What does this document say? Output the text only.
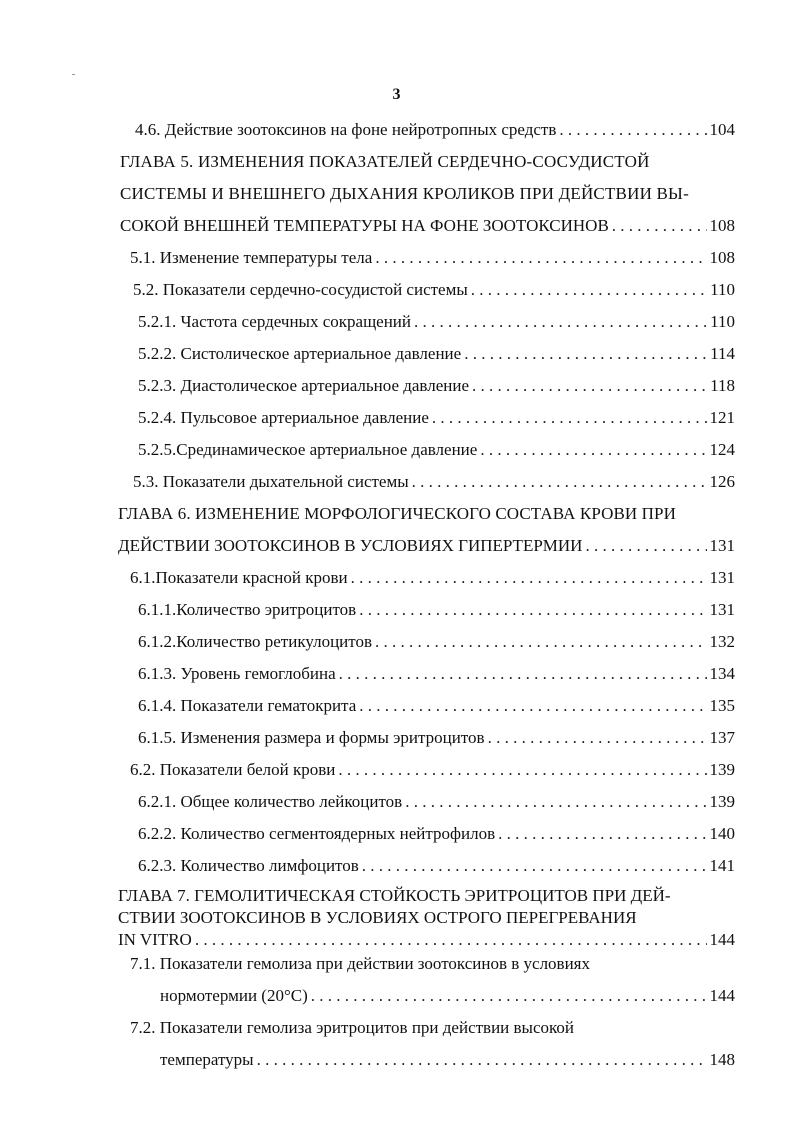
3
4.6. Действие зоотоксинов на фоне нейротропных средств . . .	104
ГЛАВА 5. ИЗМЕНЕНИЯ ПОКАЗАТЕЛЕЙ СЕРДЕЧНО-СОСУДИСТОЙ
СИСТЕМЫ И ВНЕШНЕГО ДЫХАНИЯ КРОЛИКОВ ПРИ ДЕЙСТВИИ ВЫ-
СОКОЙ ВНЕШНЕЙ ТЕМПЕРАТУРЫ НА ФОНЕ ЗООТОКСИНОВ . . .	108
5.1. Изменение температуры тела . . .	108
5.2. Показатели сердечно-сосудистой системы . . .	110
5.2.1. Частота сердечных сокращений . . .	110
5.2.2. Систолическое артериальное давление . . .	114
5.2.3. Диастолическое артериальное давление . . .	118
5.2.4. Пульсовое артериальное давление . . .	121
5.2.5.Срединамическое артериальное давление . . .	124
5.3. Показатели дыхательной системы . . .	126
ГЛАВА 6. ИЗМЕНЕНИЕ МОРФОЛОГИЧЕСКОГО СОСТАВА КРОВИ ПРИ
ДЕЙСТВИИ ЗООТОКСИНОВ В УСЛОВИЯХ ГИПЕРТЕРМИИ . . .	131
6.1.Показатели красной крови . . .	131
6.1.1.Количество эритроцитов . . .	131
6.1.2.Количество ретикулоцитов . . .	132
6.1.3. Уровень гемоглобина . . .	134
6.1.4. Показатели гематокрита . . .	135
6.1.5. Изменения размера и формы эритроцитов . . .	137
6.2. Показатели белой крови . . .	139
6.2.1. Общее количество лейкоцитов . . .	139
6.2.2. Количество сегментоядерных нейтрофилов . . .	140
6.2.3. Количество лимфоцитов . . .	141
ГЛАВА 7. ГЕМОЛИТИЧЕСКАЯ СТОЙКОСТЬ ЭРИТРОЦИТОВ ПРИ ДЕЙ-
СТВИИ ЗООТОКСИНОВ В УСЛОВИЯХ ОСТРОГО ПЕРЕГРЕВАНИЯ
IN VITRO . . .	144
7.1. Показатели гемолиза при действии зоотоксинов в условиях
нормотермии (20°С) . . .	144
7.2. Показатели гемолиза эритроцитов при действии высокой
температуры . . .	148
